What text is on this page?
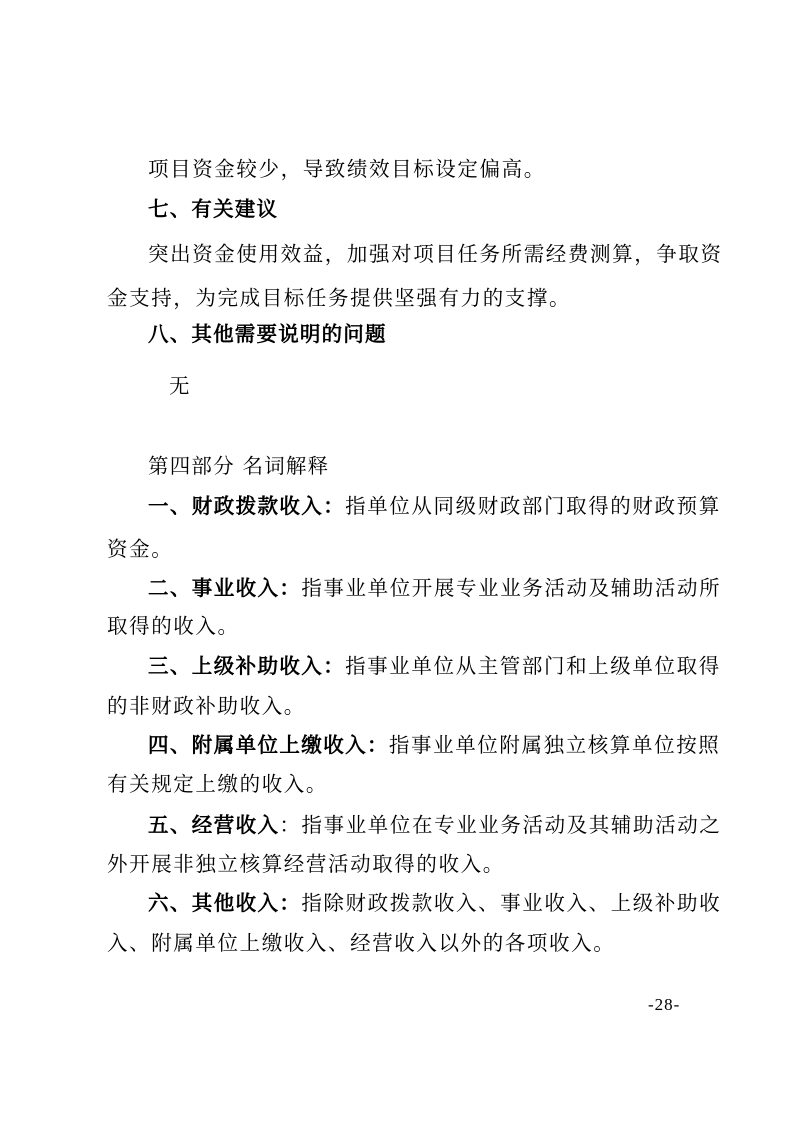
项目资金较少，导致绩效目标设定偏高。
七、有关建议
突出资金使用效益，加强对项目任务所需经费测算，争取资
金支持，为完成目标任务提供坚强有力的支撑。
八、其他需要说明的问题
无
第四部分 名词解释
一、财政拨款收入：指单位从同级财政部门取得的财政预算
资金。
二、事业收入：指事业单位开展专业业务活动及辅助活动所
取得的收入。
三、上级补助收入：指事业单位从主管部门和上级单位取得
的非财政补助收入。
四、附属单位上缴收入：指事业单位附属独立核算单位按照
有关规定上缴的收入。
五、经营收入：指事业单位在专业业务活动及其辅助活动之
外开展非独立核算经营活动取得的收入。
六、其他收入：指除财政拨款收入、事业收入、上级补助收
入、附属单位上缴收入、经营收入以外的各项收入。
-28-
